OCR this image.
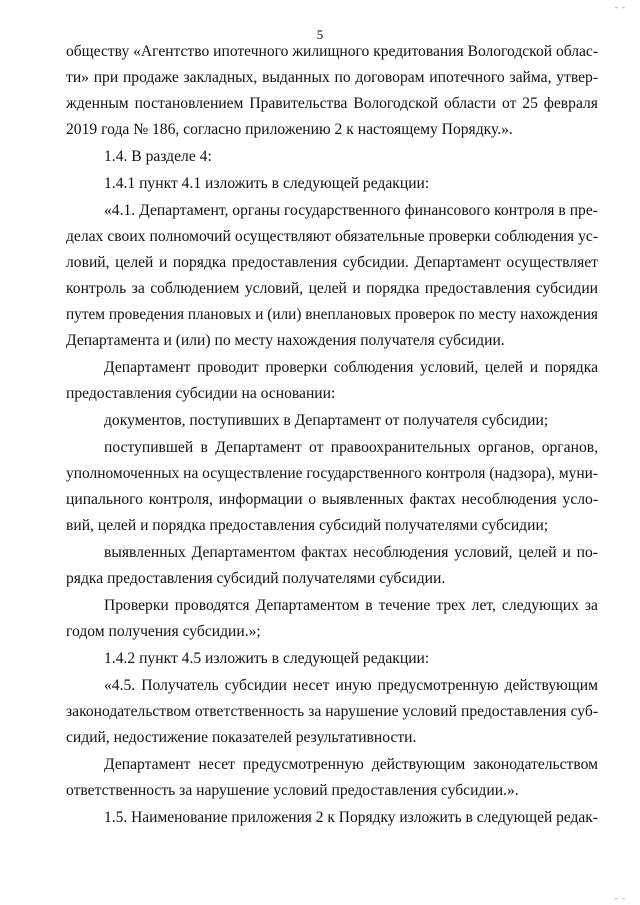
5
обществу «Агентство ипотечного жилищного кредитования Вологодской облас-
ти» при продаже закладных, выданных по договорам ипотечного займа, утвер-
жденным постановлением Правительства Вологодской области от 25 февраля
2019 года № 186, согласно приложению 2 к настоящему Порядку.».
1.4. В разделе 4:
1.4.1 пункт 4.1 изложить в следующей редакции:
«4.1. Департамент, органы государственного финансового контроля в пре-
делах своих полномочий осуществляют обязательные проверки соблюдения ус-
ловий, целей и порядка предоставления субсидии. Департамент осуществляет
контроль за соблюдением условий, целей и порядка предоставления субсидии
путем проведения плановых и (или) внеплановых проверок по месту нахождения
Департамента и (или) по месту нахождения получателя субсидии.
Департамент проводит проверки соблюдения условий, целей и порядка
предоставления субсидии на основании:
документов, поступивших в Департамент от получателя субсидии;
поступившей в Департамент от правоохранительных органов, органов,
уполномоченных на осуществление государственного контроля (надзора), муни-
ципального контроля, информации о выявленных фактах несоблюдения усло-
вий, целей и порядка предоставления субсидий получателями субсидии;
выявленных Департаментом фактах несоблюдения условий, целей и по-
рядка предоставления субсидий получателями субсидии.
Проверки проводятся Департаментом в течение трех лет, следующих за
годом получения субсидии.»;
1.4.2 пункт 4.5 изложить в следующей редакции:
«4.5. Получатель субсидии несет иную предусмотренную действующим
законодательством ответственность за нарушение условий предоставления суб-
сидий, недостижение показателей результативности.
Департамент несет предусмотренную действующим законодательством
ответственность за нарушение условий предоставления субсидии.».
1.5. Наименование приложения 2 к Порядку изложить в следующей редак-
- -
- -
